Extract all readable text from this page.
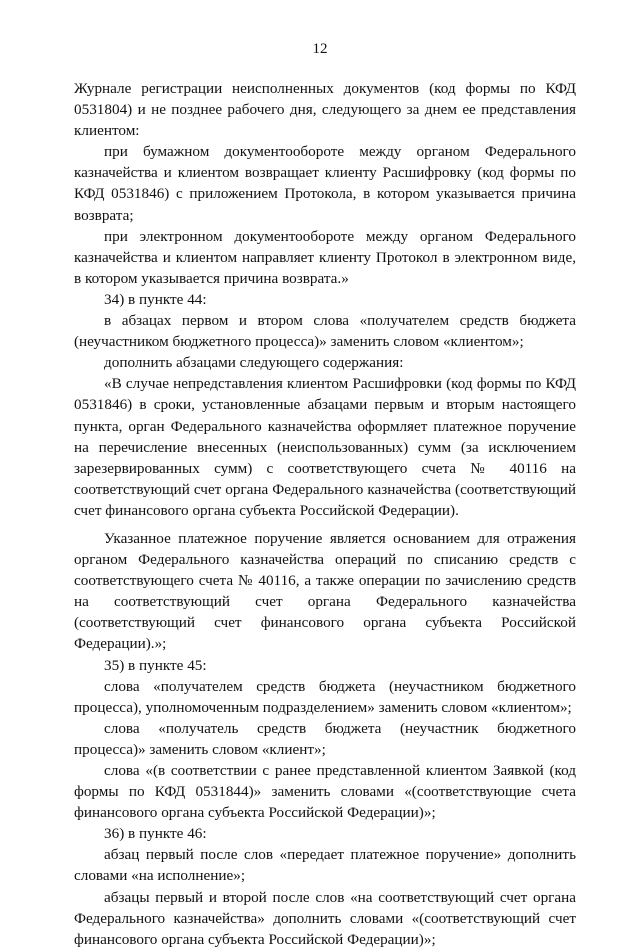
12

Журнале регистрации неисполненных документов (код формы по КФД 0531804) и не позднее рабочего дня, следующего за днем ее представления клиентом:

при бумажном документообороте между органом Федерального казначейства и клиентом возвращает клиенту Расшифровку (код формы по КФД 0531846) с приложением Протокола, в котором указывается причина возврата;

при электронном документообороте между органом Федерального казначейства и клиентом направляет клиенту Протокол в электронном виде, в котором указывается причина возврата.»

34) в пункте 44:

в абзацах первом и втором слова «получателем средств бюджета (неучастником бюджетного процесса)» заменить словом «клиентом»;

дополнить абзацами следующего содержания:

«В случае непредставления клиентом Расшифровки (код формы по КФД 0531846) в сроки, установленные абзацами первым и вторым настоящего пункта, орган Федерального казначейства оформляет платежное поручение на перечисление внесенных (неиспользованных) сумм (за исключением зарезервированных сумм) с соответствующего счета № 40116 на соответствующий счет органа Федерального казначейства (соответствующий счет финансового органа субъекта Российской Федерации).

Указанное платежное поручение является основанием для отражения органом Федерального казначейства операций по списанию средств с соответствующего счета № 40116, а также операции по зачислению средств на соответствующий счет органа Федерального казначейства (соответствующий счет финансового органа субъекта Российской Федерации).»;

35) в пункте 45:

слова «получателем средств бюджета (неучастником бюджетного процесса), уполномоченным подразделением» заменить словом «клиентом»;

слова «получатель средств бюджета (неучастник бюджетного процесса)» заменить словом «клиент»;

слова «(в соответствии с ранее представленной клиентом Заявкой (код формы по КФД 0531844)» заменить словами «(соответствующие счета финансового органа субъекта Российской Федерации)»;

36) в пункте 46:

абзац первый после слов «передает платежное поручение» дополнить словами «на исполнение»;

абзацы первый и второй после слов «на соответствующий счет органа Федерального казначейства» дополнить словами «(соответствующий счет финансового органа субъекта Российской Федерации)»;
